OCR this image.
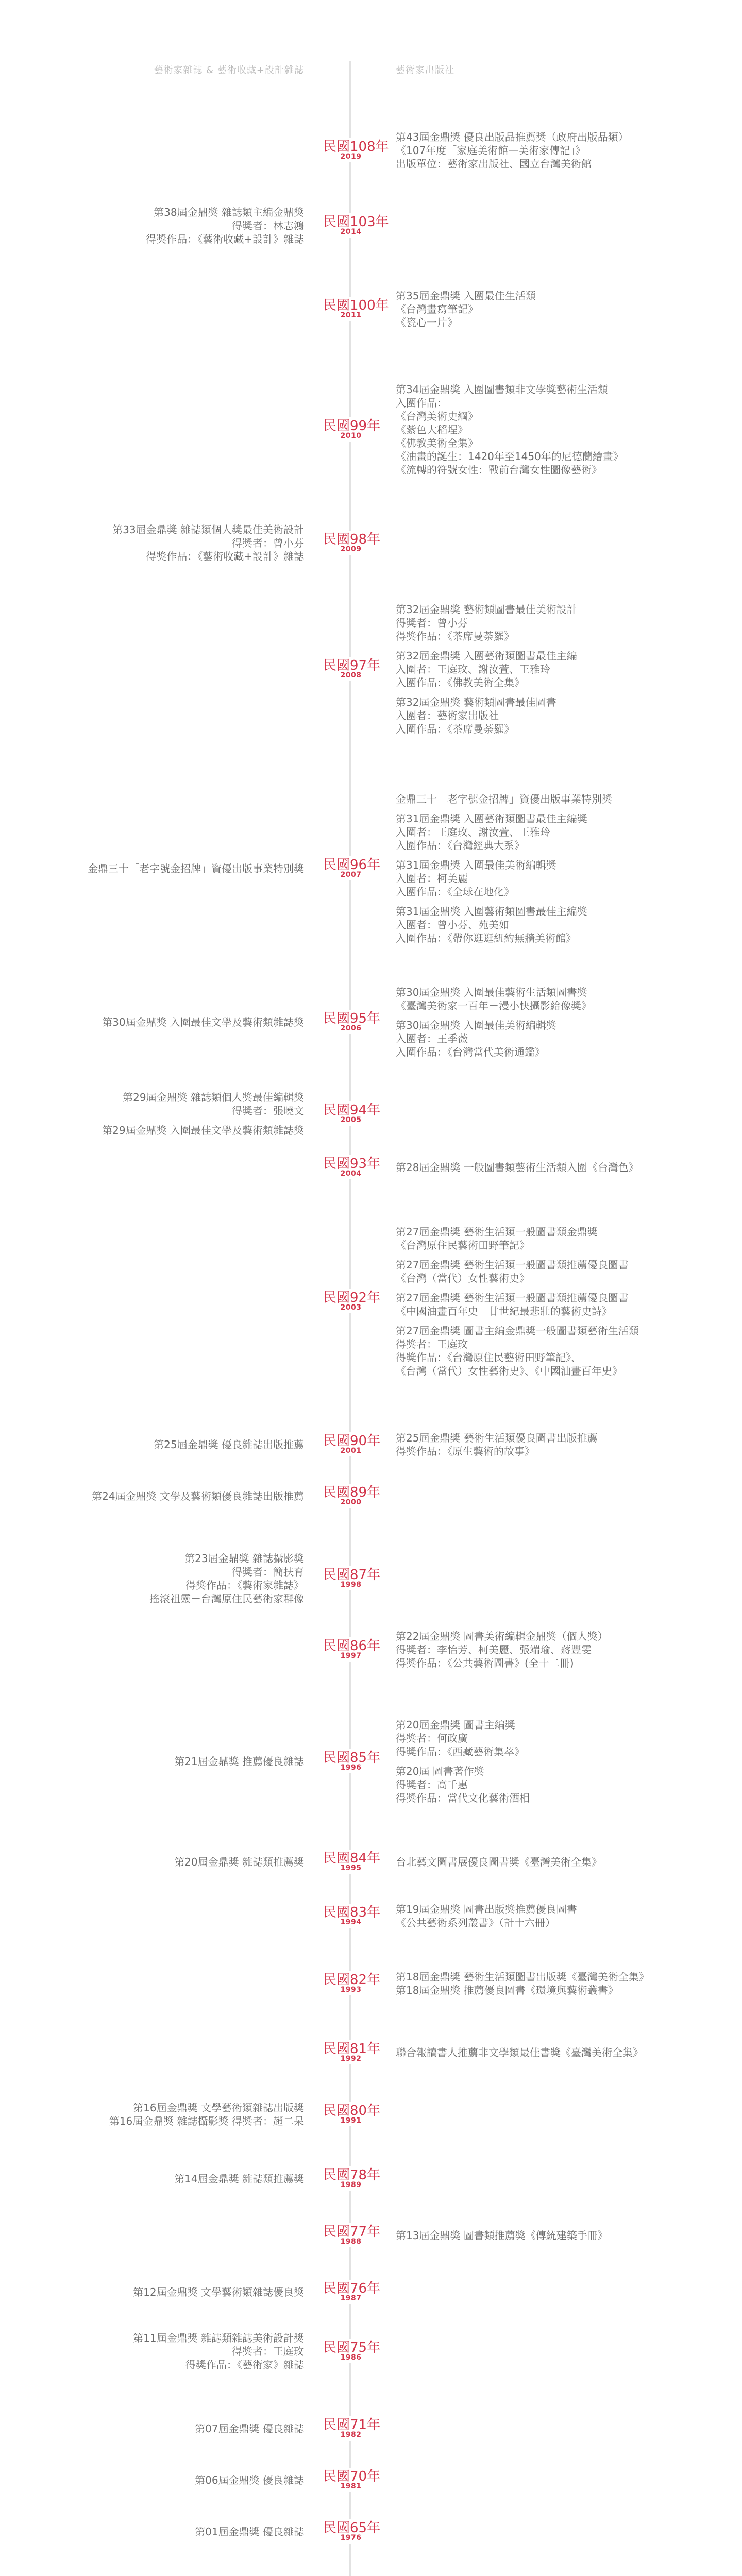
藝術家雜誌 & 藝術收藏+設計雜誌	藝術家出版社
民國108年
2019
第43屆金鼎獎 優良出版品推薦獎（政府出版品類）
《107年度「家庭美術館—美術家傳記」》
出版單位：藝術家出版社、國立台灣美術館
民國103年
2014
第38屆金鼎獎 雜誌類主編金鼎獎
得獎者：林志鴻
得獎作品：《藝術收藏+設計》雜誌
民國100年
2011
第35屆金鼎獎 入圍最佳生活類
《台灣畫寫筆記》
《瓷心一片》
民國99年
2010
第34屆金鼎獎 入圍圖書類非文學獎藝術生活類
入圍作品：
《台灣美術史綱》
《紫色大稻埕》
《佛教美術全集》
《油畫的誕生：1420年至1450年的尼德蘭繪畫》
《流轉的符號女性：戰前台灣女性圖像藝術》
民國98年
2009
第33屆金鼎獎 雜誌類個人獎最佳美術設計
得獎者：曾小芬
得獎作品：《藝術收藏+設計》雜誌
民國97年
2008
第32屆金鼎獎 藝術類圖書最佳美術設計
得獎者：曾小芬
得獎作品：《茶席曼荼羅》
第32屆金鼎獎 入圍藝術類圖書最佳主編
入圍者：王庭玫、謝汝萱、王雅玲
入圍作品：《佛教美術全集》
第32屆金鼎獎 藝術類圖書最佳圖書
入圍者：藝術家出版社
入圍作品：《茶席曼荼羅》
民國96年
2007
金鼎三十「老字號金招牌」資優出版事業特別獎
金鼎三十「老字號金招牌」資優出版事業特別獎
第31屆金鼎獎 入圍藝術類圖書最佳主編獎
入圍者：王庭玫、謝汝萱、王雅玲
入圍作品：《台灣經典大系》
第31屆金鼎獎 入圍最佳美術編輯獎
入圍者：柯美麗
入圍作品：《全球在地化》
第31屆金鼎獎 入圍藝術類圖書最佳主編獎
入圍者：曾小芬、苑美如
入圍作品：《帶你逛逛紐約無牆美術館》
民國95年
2006
第30屆金鼎獎 入圍最佳文學及藝術類雜誌獎
第30屆金鼎獎 入圍最佳藝術生活類圖書獎
《臺灣美術家一百年－漫小快攝影給像獎》
第30屆金鼎獎 入圍最佳美術編輯獎
入圍者：王季薇
入圍作品：《台灣當代美術通鑑》
民國94年
2005
第29屆金鼎獎 雜誌類個人獎最佳編輯獎
得獎者：張曉文
第29屆金鼎獎 入圍最佳文學及藝術類雜誌獎
民國93年
2004
第28屆金鼎獎 一般圖書類藝術生活類入圍《台灣色》
民國92年
2003
第27屆金鼎獎 藝術生活類一般圖書類金鼎獎
《台灣原住民藝術田野筆記》
第27屆金鼎獎 藝術生活類一般圖書類推薦優良圖書
《台灣（當代）女性藝術史》
第27屆金鼎獎 藝術生活類一般圖書類推薦優良圖書
《中國油畫百年史－廿世紀最悲壯的藝術史詩》
第27屆金鼎獎 圖書主編金鼎獎一般圖書類藝術生活類
得獎者：王庭玫
得獎作品：《台灣原住民藝術田野筆記》、
《台灣（當代）女性藝術史》、《中國油畫百年史》
民國90年
2001
第25屆金鼎獎 優良雜誌出版推薦
第25屆金鼎獎 藝術生活類優良圖書出版推薦
得獎作品：《原生藝術的故事》
民國89年
2000
第24屆金鼎獎 文學及藝術類優良雜誌出版推薦
民國87年
1998
第23屆金鼎獎 雜誌攝影獎
得獎者：簡扶育
得獎作品：《藝術家雜誌》
搖滾祖靈－台灣原住民藝術家群像
民國86年
1997
第22屆金鼎獎 圖書美術編輯金鼎獎（個人獎）
得獎者：李怡芳、柯美麗、張端瑜、蔣豐雯
得獎作品：《公共藝術圖書》(全十二冊)
民國85年
1996
第21屆金鼎獎 推薦優良雜誌
第20屆金鼎獎 圖書主編獎
得獎者：何政廣
得獎作品：《西藏藝術集萃》
第20屆 圖書著作獎
得獎者：高千惠
得獎作品：當代文化藝術酒相
民國84年
1995
第20屆金鼎獎 雜誌類推薦獎	台北藝文圖書展優良圖書獎《臺灣美術全集》
民國83年
1994
第19屆金鼎獎 圖書出版獎推薦優良圖書
《公共藝術系列叢書》（計十六冊）
民國82年
1993
第18屆金鼎獎 藝術生活類圖書出版獎《臺灣美術全集》
第18屆金鼎獎 推薦優良圖書《環境與藝術叢書》
民國81年
1992
聯合報讀書人推薦非文學類最佳書獎《臺灣美術全集》
民國80年
1991
第16屆金鼎獎 文學藝術類雜誌出版獎
第16屆金鼎獎 雜誌攝影獎 得獎者：趙二呆
民國78年
1989
第14屆金鼎獎 雜誌類推薦獎
民國77年
1988
第13屆金鼎獎 圖書類推薦獎《傳統建築手冊》
民國76年
1987
第12屆金鼎獎 文學藝術類雜誌優良獎
民國75年
1986
第11屆金鼎獎 雜誌類雜誌美術設計獎
得獎者：王庭玫
得獎作品：《藝術家》雜誌
民國71年
1982
第07屆金鼎獎 優良雜誌
民國70年
1981
第06屆金鼎獎 優良雜誌
民國65年
1976
第01屆金鼎獎 優良雜誌
